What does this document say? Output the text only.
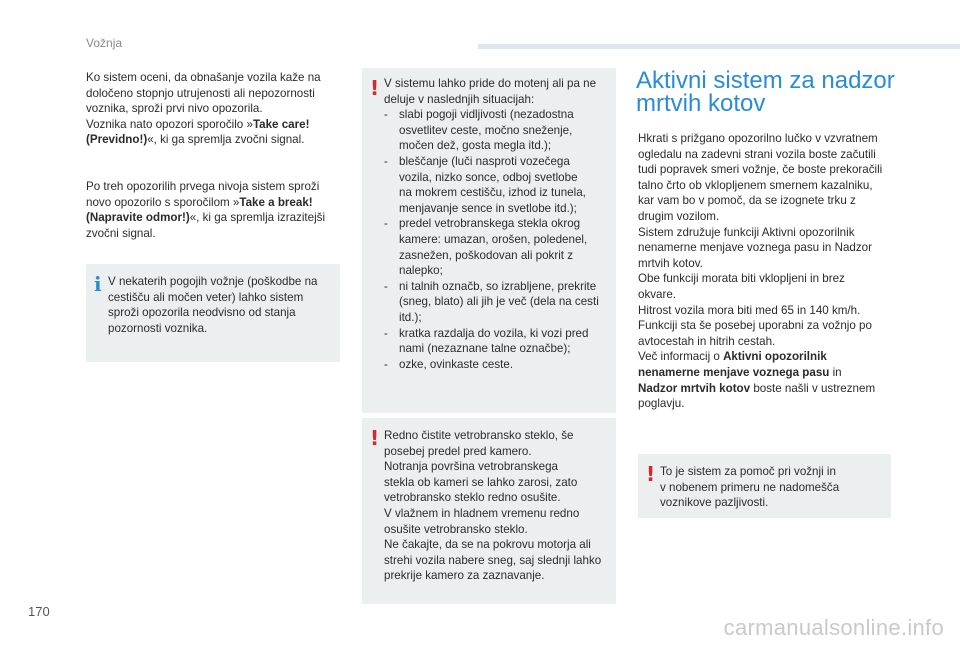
Vožnja

Ko sistem oceni, da obnašanje vozila kaže na
določeno stopnjo utrujenosti ali nepozornosti
voznika, sproži prvi nivo opozorila.
Voznika nato opozori sporočilo »Take care!
(Previdno!)«, ki ga spremlja zvočni signal.

Po treh opozorilih prvega nivoja sistem sproži
novo opozorilo s sporočilom »Take a break!
(Napravite odmor!)«, ki ga spremlja izrazitejši
zvočni signal.

i V nekaterih pogojih vožnje (poškodbe na
cestišču ali močen veter) lahko sistem
sproži opozorila neodvisno od stanja
pozornosti voznika.
! V sistemu lahko pride do motenj ali pa ne
deluje v naslednjih situacijah:
- slabi pogoji vidljivosti (nezadostna
osvetlitev ceste, močno sneženje,
močen dež, gosta megla itd.);
- bleščanje (luči nasproti vozečega
vozila, nizko sonce, odboj svetlobe
na mokrem cestišču, izhod iz tunela,
menjavanje sence in svetlobe itd.);
- predel vetrobranskega stekla okrog
kamere: umazan, orošen, poledenel,
zasnežen, poškodovan ali pokrit z
nalepko;
- ni talnih označb, so izrabljene, prekrite
(sneg, blato) ali jih je več (dela na cesti
itd.);
- kratka razdalja do vozila, ki vozi pred
nami (nezaznane talne označbe);
- ozke, ovinkaste ceste.
! Redno čistite vetrobransko steklo, še
posebej predel pred kamero.
Notranja površina vetrobranskega
stekla ob kameri se lahko zarosi, zato
vetrobransko steklo redno osušite.
V vlažnem in hladnem vremenu redno
osušite vetrobransko steklo.
Ne čakajte, da se na pokrovu motorja ali
strehi vozila nabere sneg, saj slednji lahko
prekrije kamero za zaznavanje.
Aktivni sistem za nadzor
mrtvih kotov

Hkrati s prižgano opozorilno lučko v vzvratnem
ogledalu na zadevni strani vozila boste začutili
tudi popravek smeri vožnje, če boste prekoračili
talno črto ob vklopljenem smernem kazalniku,
kar vam bo v pomoč, da se izognete trku z
drugim vozilom.
Sistem združuje funkciji Aktivni opozorilnik
nenamerne menjave voznega pasu in Nadzor
mrtvih kotov.
Obe funkciji morata biti vklopljeni in brez
okvare.
Hitrost vozila mora biti med 65 in 140 km/h.
Funkciji sta še posebej uporabni za vožnjo po
avtocestah in hitrih cestah.
Več informacij o Aktivni opozorilnik
nenamerne menjave voznega pasu in
Nadzor mrtvih kotov boste našli v ustreznem
poglavju.

! To je sistem za pomoč pri vožnji in
v nobenem primeru ne nadomešča
voznikove pazljivosti.
170
carmanualsonline.info
